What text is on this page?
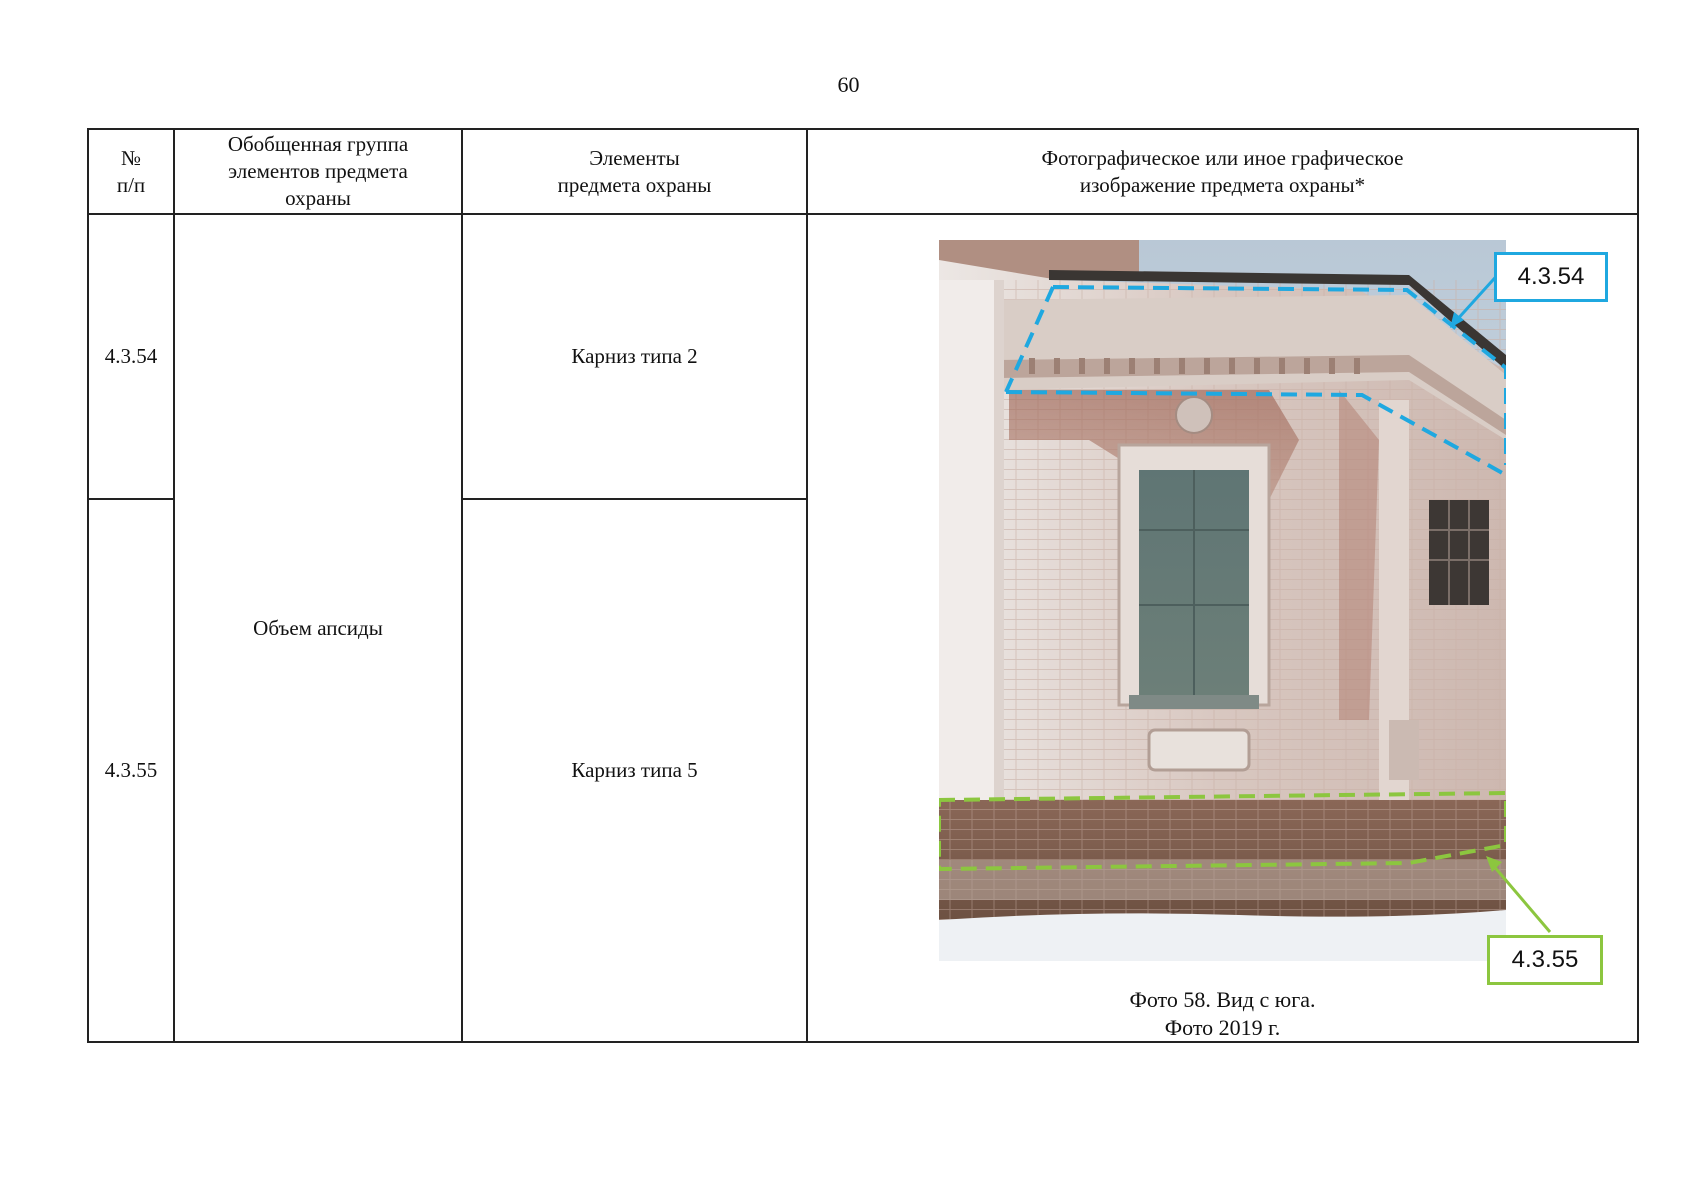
60
№
п/п
Обобщенная группа
элементов предмета
охраны
Элементы
предмета охраны
Фотографическое или иное графическое
изображение предмета охраны*
4.3.54
4.3.55
Объем апсиды
Карниз типа 2
Карниз типа 5
4.3.54
4.3.55
Фото 58. Вид с юга.
Фото 2019 г.
